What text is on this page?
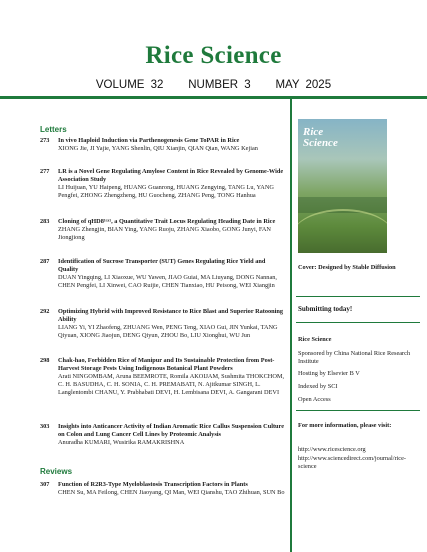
Rice Science
VOLUME 32 NUMBER 3 MAY 2025
Letters
273 In vivo Haploid Induction via Parthenogenesis Gene ToPAR in Rice
XIONG Jie, JI Yajie, YANG Shenlin, QIU Xianjin, QIAN Qian, WANG Kejian
277 LR is a Novel Gene Regulating Amylose Content in Rice Revealed by Genome-Wide Association Study
LI Huijuan, YU Haipeng, HUANG Guanrong, HUANG Zengying, TANG Lu, YANG Pengfei, ZHONG Zhengzheng, HU Guocheng, ZHANG Peng, TONG Hanhua
283 Cloning of qHD8¹ᶜᵃ¹, a Quantitative Trait Locus Regulating Heading Date in Rice
ZHANG Zhengjin, BIAN Ying, YANG Ruoju, ZHANG Xiaobo, GONG Junyi, FAN Jiongjiong
287 Identification of Sucrose Transporter (SUT) Genes Regulating Rice Yield and Quality
DUAN Yingqing, LI Xiaoxue, WU Yawen, JIAO Guiai, MA Liuyang, DONG Nannan, CHEN Pengfei, LI Xinwei, CAO Ruijie, CHEN Tianxiao, HU Peisong, WEI Xiangjin
292 Optimizing Hybrid with Improved Resistance to Rice Blast and Superior Ratooning Ability
LIANG Yi, YI Zhaofeng, ZHUANG Wen, PENG Teng, XIAO Gui, JIN Yunkai, TANG Qiyuan, XIONG Jiaojun, DENG Qiyun, ZHOU Bo, LIU Xionghui, WU Jun
298 Chak-hao, Forbidden Rice of Manipur and Its Sustainable Protection from Post-Harvest Storage Pests Using Indigenous Botanical Plant Powders
Arati NINGOMBAM, Aruna BEEMROTE, Romila AKOIJAM, Sushmita THOKCHOM, C. H. BASUDHA, C. H. SONIA, C. H. PREMABATI, N. Ajitkumar SINGH, L. Langlentombi CHANU, Y. Prabhabati DEVI, H. Lembisana DEVI, A. Gangarani DEVI
303 Insights into Anticancer Activity of Indian Aromatic Rice Callus Suspension Culture on Colon and Lung Cancer Cell Lines by Proteomic Analysis
Anuradha KUMARI, Wusirika RAMAKRISHNA
Reviews
307 Function of R2R3-Type Myeloblastosis Transcription Factors in Plants
CHEN Su, MA Feilong, CHEN Jiaoyang, QI Man, WEI Qianshu, TAO Zhihuan, SUN Bo
Rice
Science
Cover: Designed by Stable Diffusion
Submitting today!
Rice Science
Sponsored by China National Rice Research Institute
Hosting by Elsevier B V
Indexed by SCI
Open Access
For more information, please visit:
http://www.ricescience.org
http://www.sciencedirect.com/journal/rice-science
